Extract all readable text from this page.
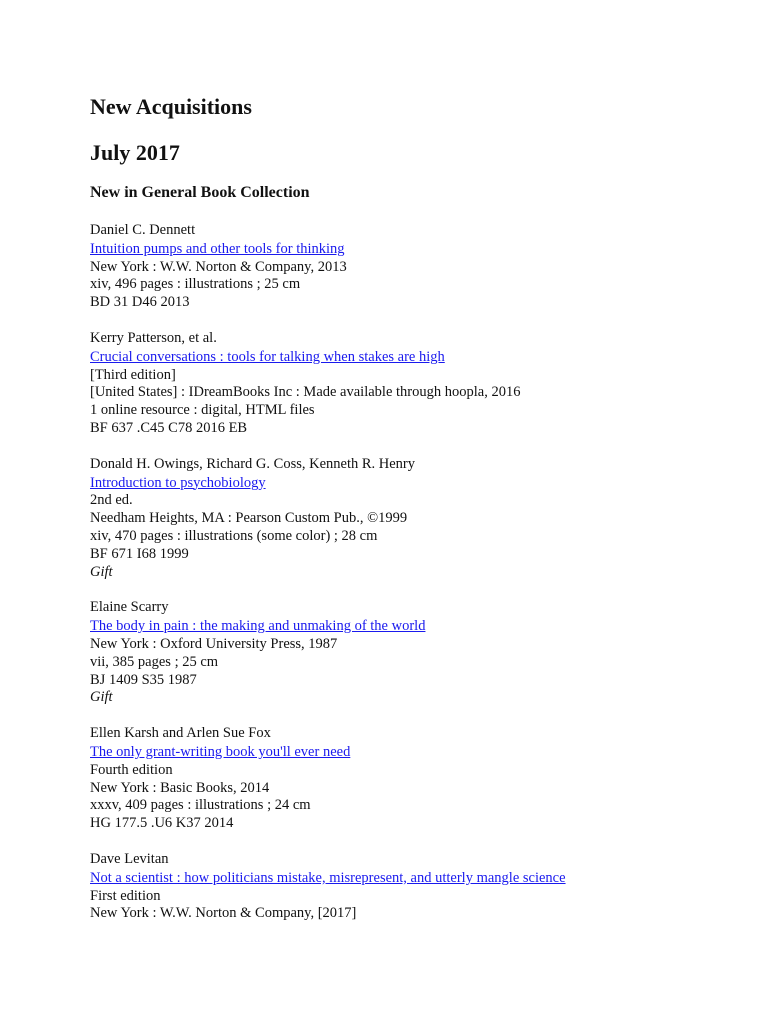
New Acquisitions
July 2017
New in General Book Collection
Daniel C. Dennett
Intuition pumps and other tools for thinking
New York : W.W. Norton & Company, 2013
xiv, 496 pages : illustrations ; 25 cm
BD 31 D46 2013
Kerry Patterson, et al.
Crucial conversations : tools for talking when stakes are high
[Third edition]
[United States] : IDreamBooks Inc : Made available through hoopla, 2016
1 online resource : digital, HTML files
BF 637 .C45 C78 2016 EB
Donald H. Owings, Richard G. Coss, Kenneth R. Henry
Introduction to psychobiology
2nd ed.
Needham Heights, MA : Pearson Custom Pub., ©1999
xiv, 470 pages : illustrations (some color) ; 28 cm
BF 671 I68 1999
Gift
Elaine Scarry
The body in pain : the making and unmaking of the world
New York : Oxford University Press, 1987
vii, 385 pages ; 25 cm
BJ 1409 S35 1987
Gift
Ellen Karsh and Arlen Sue Fox
The only grant-writing book you'll ever need
Fourth edition
New York : Basic Books, 2014
xxxv, 409 pages : illustrations ; 24 cm
HG 177.5 .U6 K37 2014
Dave Levitan
Not a scientist : how politicians mistake, misrepresent, and utterly mangle science
First edition
New York : W.W. Norton & Company, [2017]
